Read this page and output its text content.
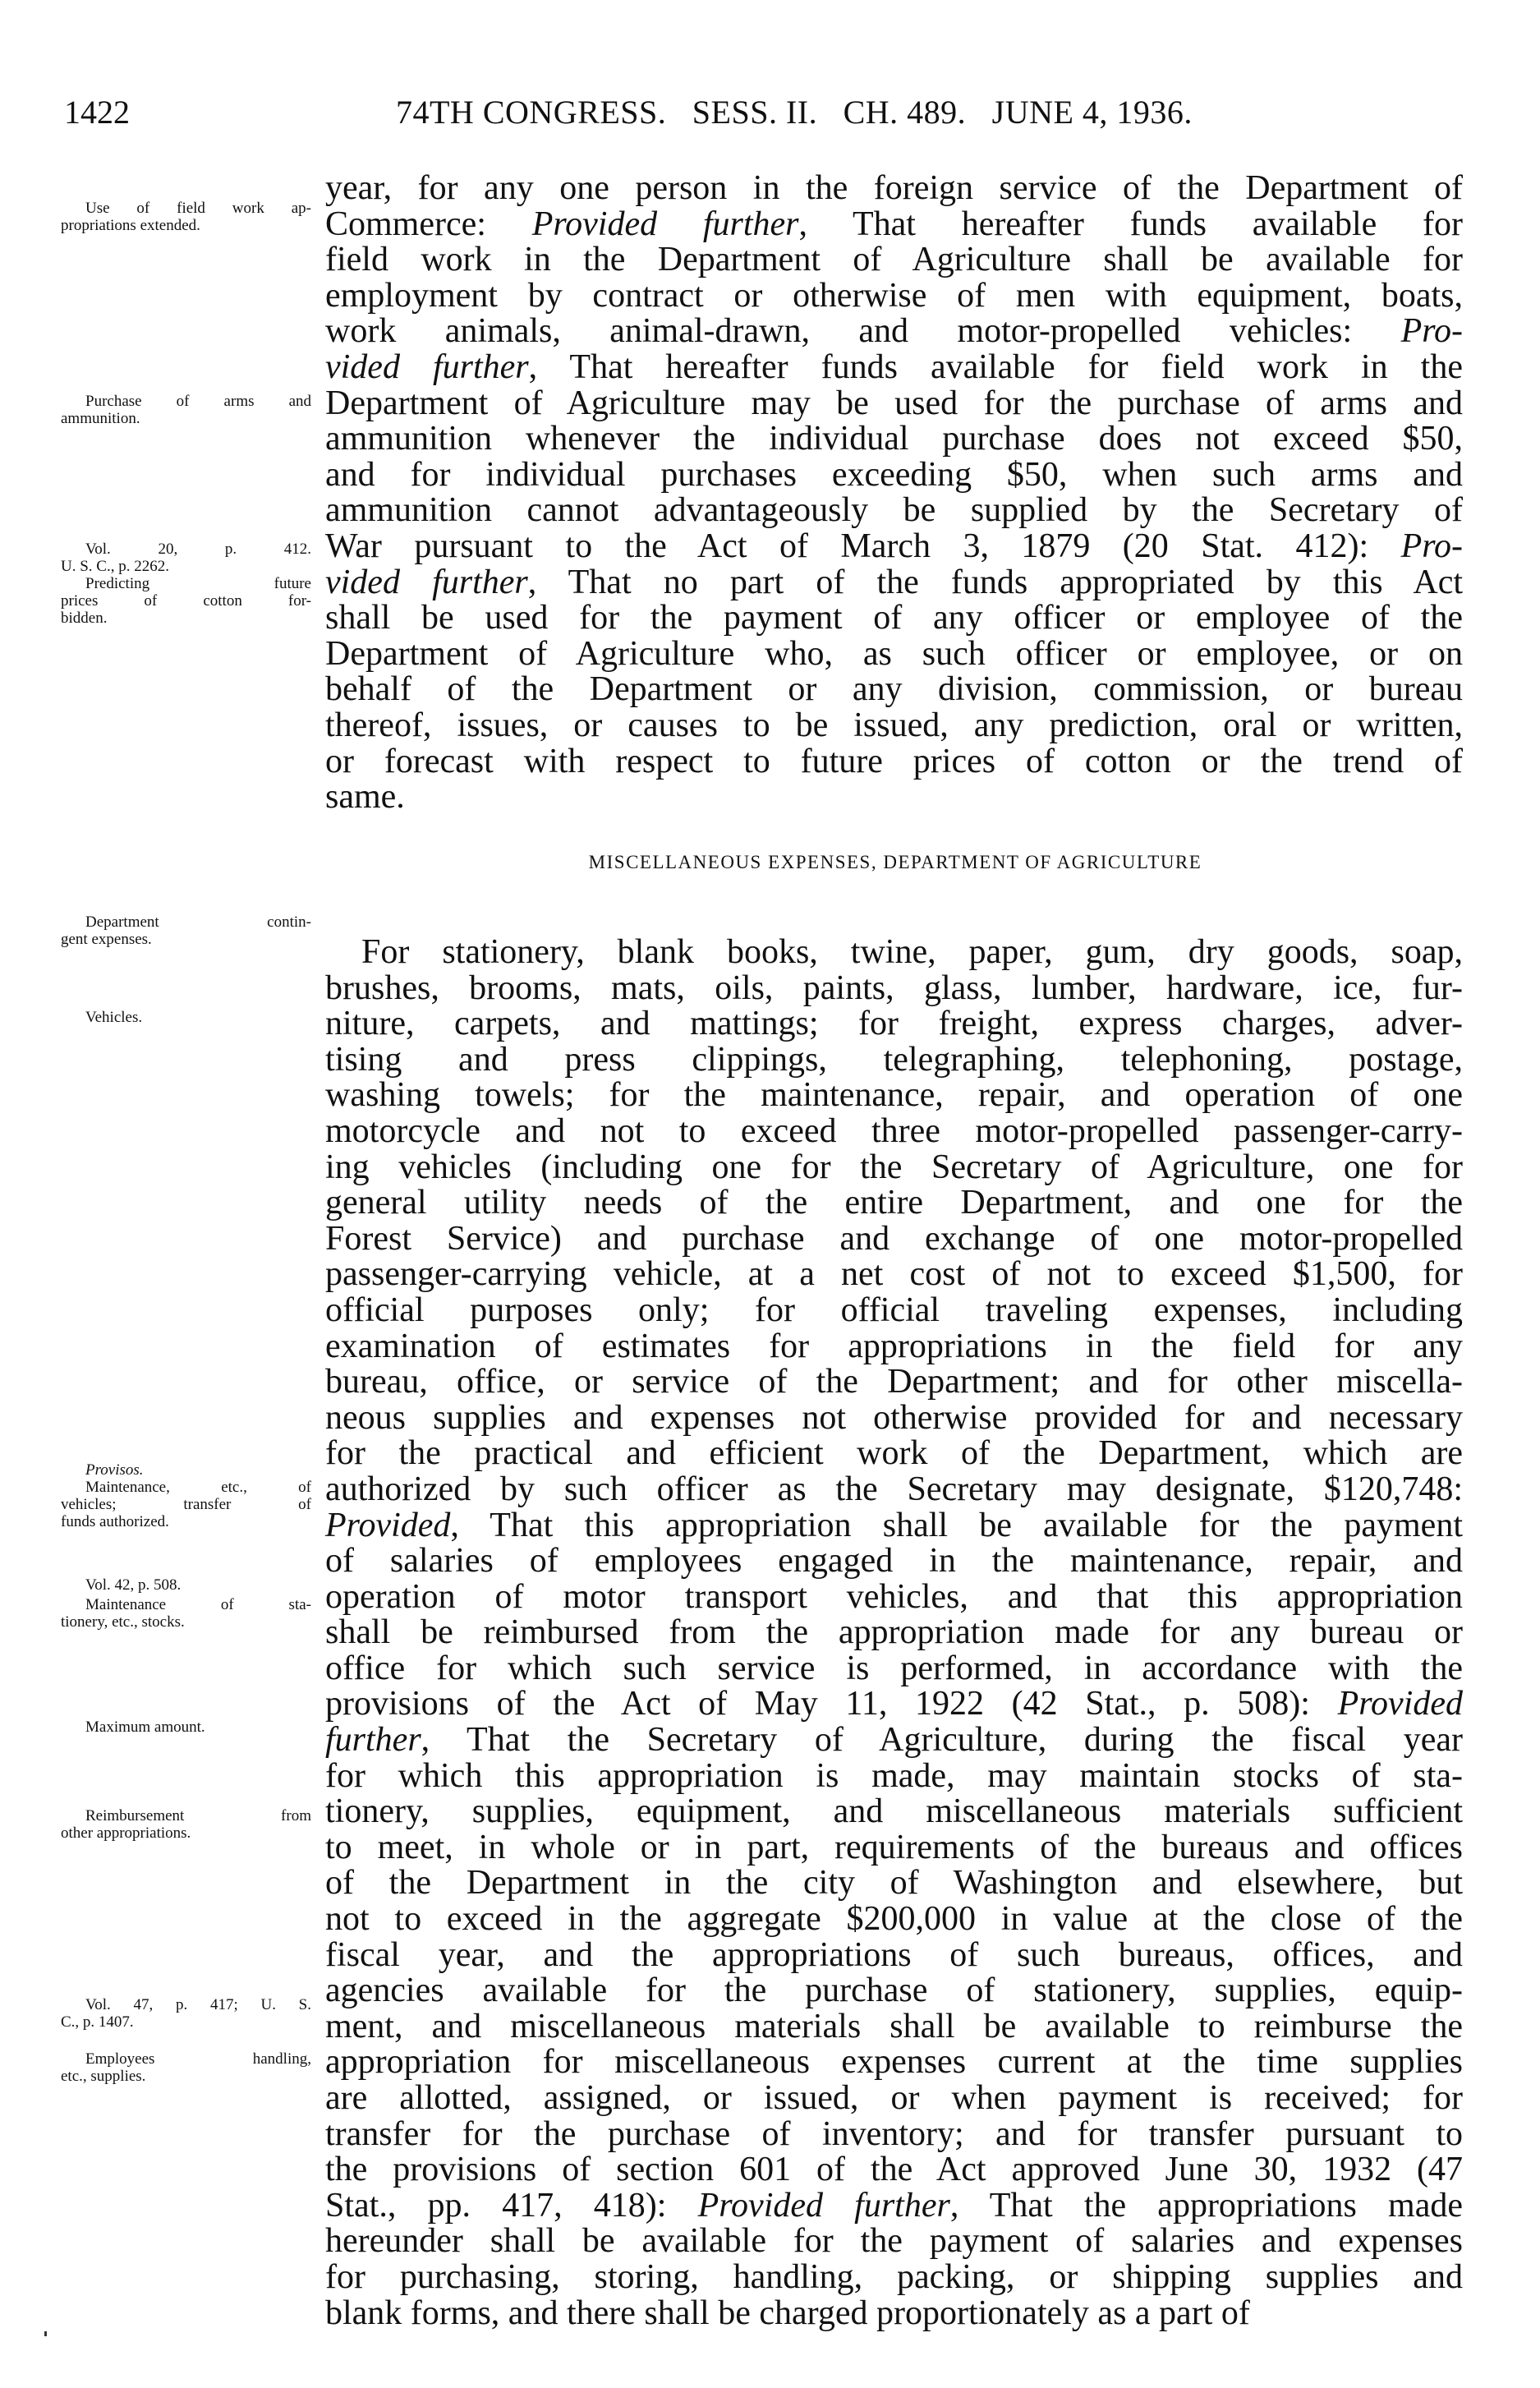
1422	74TH CONGRESS. SESS. II. CH. 489. JUNE 4, 1936.
year, for any one person in the foreign service of the Department of
Commerce: Provided further, That hereafter funds available for
field work in the Department of Agriculture shall be available for
employment by contract or otherwise of men with equipment, boats,
work animals, animal-drawn, and motor-propelled vehicles: Pro-
vided further, That hereafter funds available for field work in the
Department of Agriculture may be used for the purchase of arms and
ammunition whenever the individual purchase does not exceed $50,
and for individual purchases exceeding $50, when such arms and
ammunition cannot advantageously be supplied by the Secretary of
War pursuant to the Act of March 3, 1879 (20 Stat. 412): Pro-
vided further, That no part of the funds appropriated by this Act
shall be used for the payment of any officer or employee of the
Department of Agriculture who, as such officer or employee, or on
behalf of the Department or any division, commission, or bureau
thereof, issues, or causes to be issued, any prediction, oral or written,
or forecast with respect to future prices of cotton or the trend of
same.
MISCELLANEOUS EXPENSES, DEPARTMENT OF AGRICULTURE
For stationery, blank books, twine, paper, gum, dry goods, soap,
brushes, brooms, mats, oils, paints, glass, lumber, hardware, ice, fur-
niture, carpets, and mattings; for freight, express charges, adver-
tising and press clippings, telegraphing, telephoning, postage,
washing towels; for the maintenance, repair, and operation of one
motorcycle and not to exceed three motor-propelled passenger-carry-
ing vehicles (including one for the Secretary of Agriculture, one for
general utility needs of the entire Department, and one for the
Forest Service) and purchase and exchange of one motor-propelled
passenger-carrying vehicle, at a net cost of not to exceed $1,500, for
official purposes only; for official traveling expenses, including
examination of estimates for appropriations in the field for any
bureau, office, or service of the Department; and for other miscella-
neous supplies and expenses not otherwise provided for and necessary
for the practical and efficient work of the Department, which are
authorized by such officer as the Secretary may designate, $120,748:
Provided, That this appropriation shall be available for the payment
of salaries of employees engaged in the maintenance, repair, and
operation of motor transport vehicles, and that this appropriation
shall be reimbursed from the appropriation made for any bureau or
office for which such service is performed, in accordance with the
provisions of the Act of May 11, 1922 (42 Stat., p. 508): Provided
further, That the Secretary of Agriculture, during the fiscal year
for which this appropriation is made, may maintain stocks of sta-
tionery, supplies, equipment, and miscellaneous materials sufficient
to meet, in whole or in part, requirements of the bureaus and offices
of the Department in the city of Washington and elsewhere, but
not to exceed in the aggregate $200,000 in value at the close of the
fiscal year, and the appropriations of such bureaus, offices, and
agencies available for the purchase of stationery, supplies, equip-
ment, and miscellaneous materials shall be available to reimburse the
appropriation for miscellaneous expenses current at the time supplies
are allotted, assigned, or issued, or when payment is received; for
transfer for the purchase of inventory; and for transfer pursuant to
the provisions of section 601 of the Act approved June 30, 1932 (47
Stat., pp. 417, 418): Provided further, That the appropriations made
hereunder shall be available for the payment of salaries and expenses
for purchasing, storing, handling, packing, or shipping supplies and
blank forms, and there shall be charged proportionately as a part of
Use of field work ap-
propriations extended.
Purchase of arms and
ammunition.
Vol. 20, p. 412.
U. S. C., p. 2262.
Predicting future
prices of cotton for-
bidden.
Department contin-
gent expenses.
Vehicles.
Provisos.
Maintenance, etc., of
vehicles; transfer of
funds authorized.
Vol. 42, p. 508.
Maintenance of sta-
tionery, etc., stocks.
Maximum amount.
Reimbursement from
other appropriations.
Vol. 47, p. 417; U. S.
C., p. 1407.
Employees handling,
etc., supplies.
